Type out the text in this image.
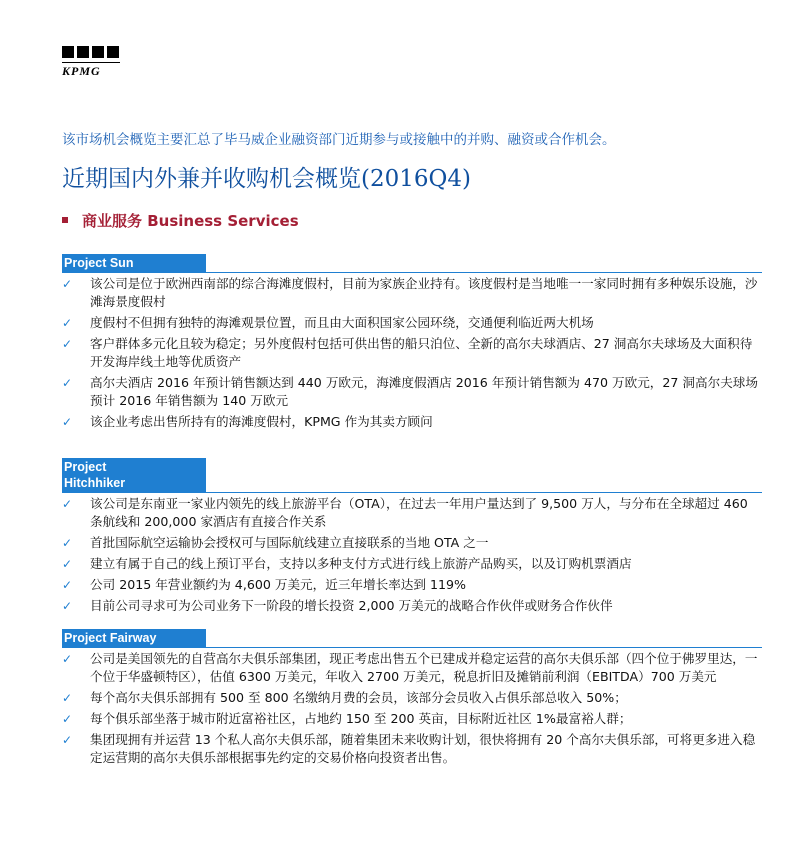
KPMG
该市场机会概览主要汇总了毕马威企业融资部门近期参与或接触中的并购、融资或合作机会。
近期国内外兼并收购机会概览(2016Q4)
商业服务 Business Services
Project Sun
✓ 该公司是位于欧洲西南部的综合海滩度假村，目前为家族企业持有。该度假村是当地唯一一家同时拥有多种娱乐设施，沙滩海景度假村
✓ 度假村不但拥有独特的海滩观景位置，而且由大面积国家公园环绕，交通便利临近两大机场
✓ 客户群体多元化且较为稳定；另外度假村包括可供出售的船只泊位、全新的高尔夫球酒店、27 洞高尔夫球场及大面积待开发海岸线土地等优质资产
✓ 高尔夫酒店 2016 年预计销售额达到 440 万欧元，海滩度假酒店 2016 年预计销售额为 470 万欧元，27 洞高尔夫球场预计 2016 年销售额为 140 万欧元
✓ 该企业考虑出售所持有的海滩度假村，KPMG 作为其卖方顾问
Project Hitchhiker
✓ 该公司是东南亚一家业内领先的线上旅游平台（OTA），在过去一年用户量达到了 9,500 万人，与分布在全球超过 460 条航线和 200,000 家酒店有直接合作关系
✓ 首批国际航空运输协会授权可与国际航线建立直接联系的当地 OTA 之一
✓ 建立有属于自己的线上预订平台，支持以多种支付方式进行线上旅游产品购买，以及订购机票酒店
✓ 公司 2015 年营业额约为 4,600 万美元，近三年增长率达到 119%
✓ 目前公司寻求可为公司业务下一阶段的增长投资 2,000 万美元的战略合作伙伴或财务合作伙伴
Project Fairway
✓ 公司是美国领先的自营高尔夫俱乐部集团，现正考虑出售五个已建成并稳定运营的高尔夫俱乐部（四个位于佛罗里达，一个位于华盛顿特区），估值 6300 万美元，年收入 2700 万美元，税息折旧及摊销前利润（EBITDA）700 万美元
✓ 每个高尔夫俱乐部拥有 500 至 800 名缴纳月费的会员，该部分会员收入占俱乐部总收入 50%；
✓ 每个俱乐部坐落于城市附近富裕社区，占地约 150 至 200 英亩，目标附近社区 1%最富裕人群；
✓ 集团现拥有并运营 13 个私人高尔夫俱乐部，随着集团未来收购计划，很快将拥有 20 个高尔夫俱乐部，可将更多进入稳定运营期的高尔夫俱乐部根据事先约定的交易价格向投资者出售。
